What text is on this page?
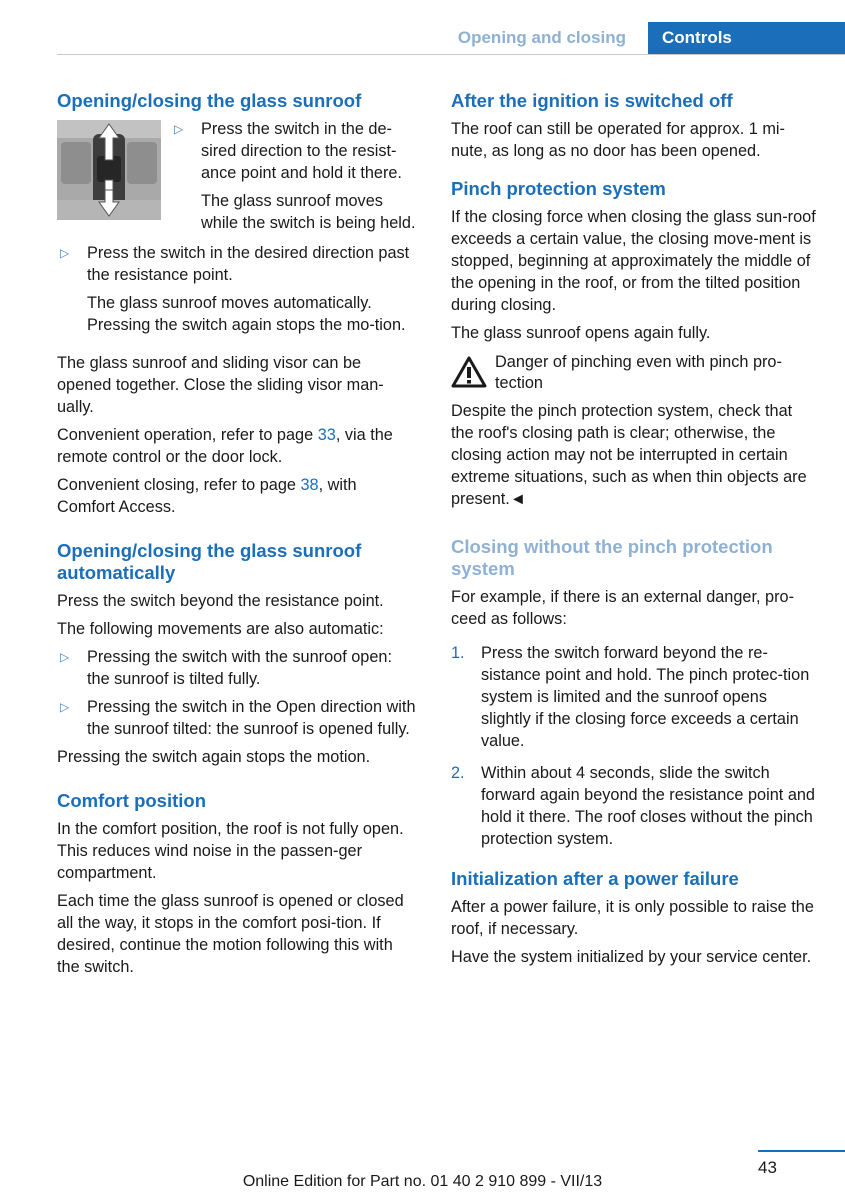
Opening and closing	Controls
Opening/closing the glass sunroof
▷ Press the switch in the de‐sired direction to the resist‐ance point and hold it there.
The glass sunroof moves while the switch is being held.
▷ Press the switch in the desired direction past the resistance point.
The glass sunroof moves automatically. Pressing the switch again stops the mo‐tion.
The glass sunroof and sliding visor can be opened together. Close the sliding visor man‐ually.
Convenient operation, refer to page 33, via the remote control or the door lock.
Convenient closing, refer to page 38, with Comfort Access.
Opening/closing the glass sunroof automatically
Press the switch beyond the resistance point.
The following movements are also automatic:
▷ Pressing the switch with the sunroof open: the sunroof is tilted fully.
▷ Pressing the switch in the Open direction with the sunroof tilted: the sunroof is opened fully.
Pressing the switch again stops the motion.
Comfort position
In the comfort position, the roof is not fully open. This reduces wind noise in the passen‐ger compartment.
Each time the glass sunroof is opened or closed all the way, it stops in the comfort posi‐tion. If desired, continue the motion following this with the switch.
After the ignition is switched off
The roof can still be operated for approx. 1 mi‐nute, as long as no door has been opened.
Pinch protection system
If the closing force when closing the glass sun‐roof exceeds a certain value, the closing move‐ment is stopped, beginning at approximately the middle of the opening in the roof, or from the tilted position during closing.
The glass sunroof opens again fully.
Danger of pinching even with pinch pro‐tection
Despite the pinch protection system, check that the roof's closing path is clear; otherwise, the closing action may not be interrupted in certain extreme situations, such as when thin objects are present.◄
Closing without the pinch protection system
For example, if there is an external danger, pro‐ceed as follows:
1. Press the switch forward beyond the re‐sistance point and hold. The pinch protec‐tion system is limited and the sunroof opens slightly if the closing force exceeds a certain value.
2. Within about 4 seconds, slide the switch forward again beyond the resistance point and hold it there. The roof closes without the pinch protection system.
Initialization after a power failure
After a power failure, it is only possible to raise the roof, if necessary.
Have the system initialized by your service center.
43
Online Edition for Part no. 01 40 2 910 899 - VII/13
